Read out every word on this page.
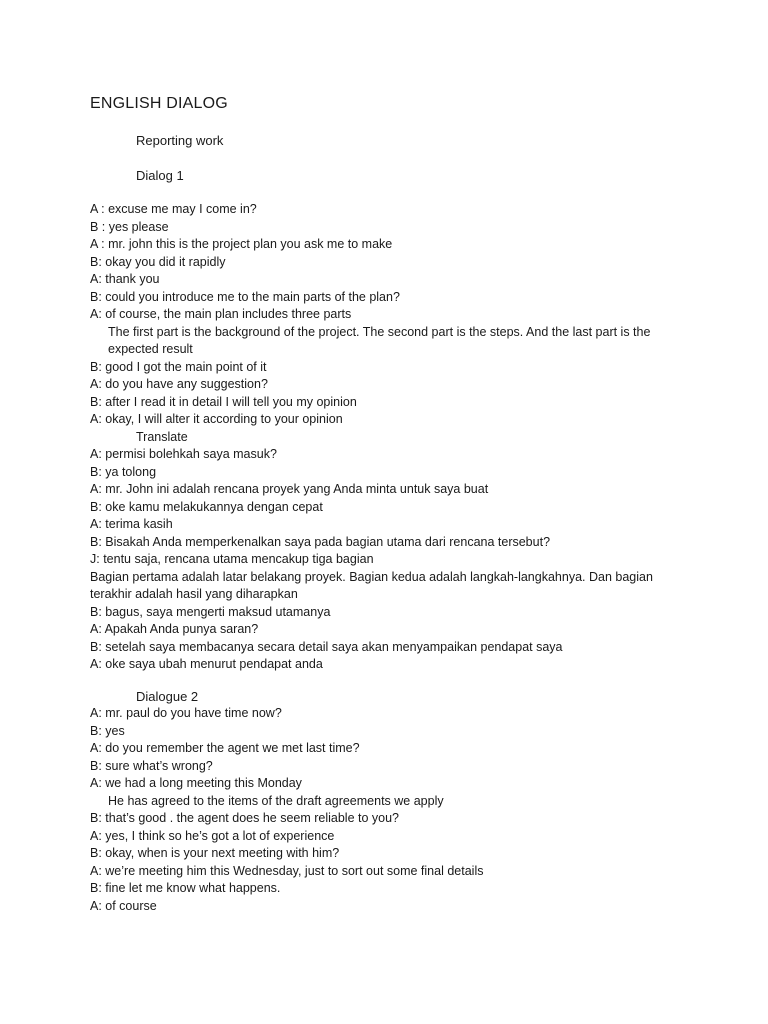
ENGLISH DIALOG
Reporting work
Dialog 1
A : excuse me may I come in?
B : yes please
A : mr. john this is the project plan you ask me to make
B: okay you did it rapidly
A: thank you
B: could you introduce me to the main parts of the plan?
A: of course, the main plan includes three parts
The first part is the background of the project. The second part is the steps. And the last part is the expected result
B: good I got the main point of it
A: do you have any suggestion?
B: after I read it in detail I will tell you my opinion
A: okay, I will alter it according to your opinion
Translate
A: permisi bolehkah saya masuk?
B: ya tolong
A: mr. John ini adalah rencana proyek yang Anda minta untuk saya buat
B: oke kamu melakukannya dengan cepat
A: terima kasih
B: Bisakah Anda memperkenalkan saya pada bagian utama dari rencana tersebut?
J: tentu saja, rencana utama mencakup tiga bagian
Bagian pertama adalah latar belakang proyek. Bagian kedua adalah langkah-langkahnya. Dan bagian terakhir adalah hasil yang diharapkan
B: bagus, saya mengerti maksud utamanya
A: Apakah Anda punya saran?
B: setelah saya membacanya secara detail saya akan menyampaikan pendapat saya
A: oke saya ubah menurut pendapat anda
Dialogue 2
A: mr. paul do you have time now?
B: yes
A: do you remember the agent we met last time?
B: sure what’s wrong?
A: we had a long meeting this Monday
He has agreed to the items of the draft agreements we apply
B: that’s good . the agent does he seem reliable to you?
A: yes, I think so he’s got a lot of experience
B: okay, when is your next meeting with him?
A: we’re meeting him this Wednesday, just to sort out some final details
B: fine let me know what happens.
A: of course
